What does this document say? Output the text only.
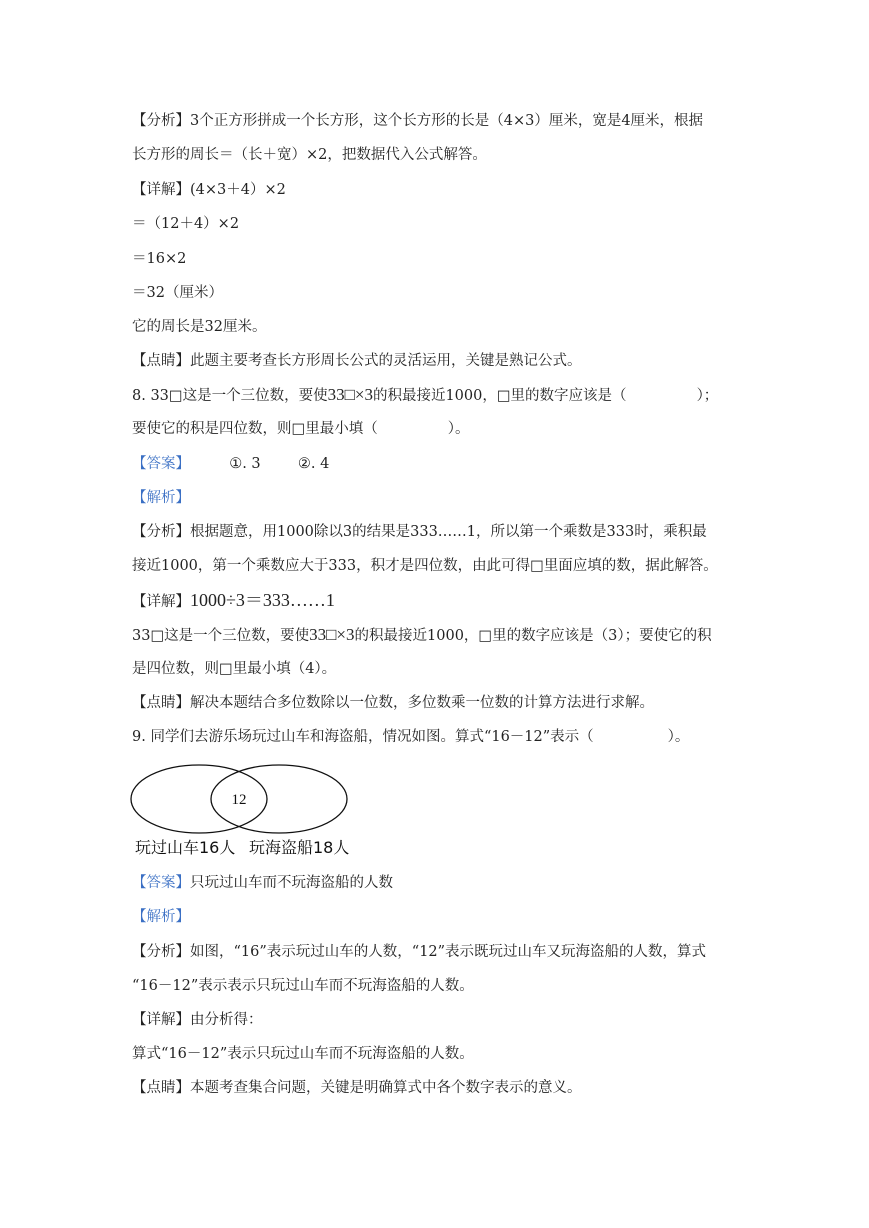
【分析】3个正方形拼成一个长方形，这个长方形的长是（4×3）厘米，宽是4厘米，根据
长方形的周长＝（长＋宽）×2，把数据代入公式解答。
【详解】(4×3＋4）×2
＝（12＋4）×2
＝16×2
＝32（厘米）
它的周长是32厘米。
【点睛】此题主要考查长方形周长公式的灵活运用，关键是熟记公式。
8. 33□这是一个三位数，要使33□×3的积最接近1000，□里的数字应该是（	）；
要使它的积是四位数，则□里最小填（	）。
【答案】	①. 3	②. 4
【解析】
【分析】根据题意，用1000除以3的结果是333……1，所以第一个乘数是333时，乘积最
接近1000，第一个乘数应大于333，积才是四位数，由此可得□里面应填的数，据此解答。
【详解】1000÷3＝333……1
33□这是一个三位数，要使33□×3的积最接近1000，□里的数字应该是（3）；要使它的积
是四位数，则□里最小填（4）。
【点睛】解决本题结合多位数除以一位数，多位数乘一位数的计算方法进行求解。
9. 同学们去游乐场玩过山车和海盗船，情况如图。算式“16－12”表示（	）。
12
玩过山车16人 玩海盗船18人
【答案】只玩过山车而不玩海盗船的人数
【解析】
【分析】如图，“16”表示玩过山车的人数，“12”表示既玩过山车又玩海盗船的人数，算式
“16－12”表示表示只玩过山车而不玩海盗船的人数。
【详解】由分析得：
算式“16－12”表示只玩过山车而不玩海盗船的人数。
【点睛】本题考查集合问题，关键是明确算式中各个数字表示的意义。
